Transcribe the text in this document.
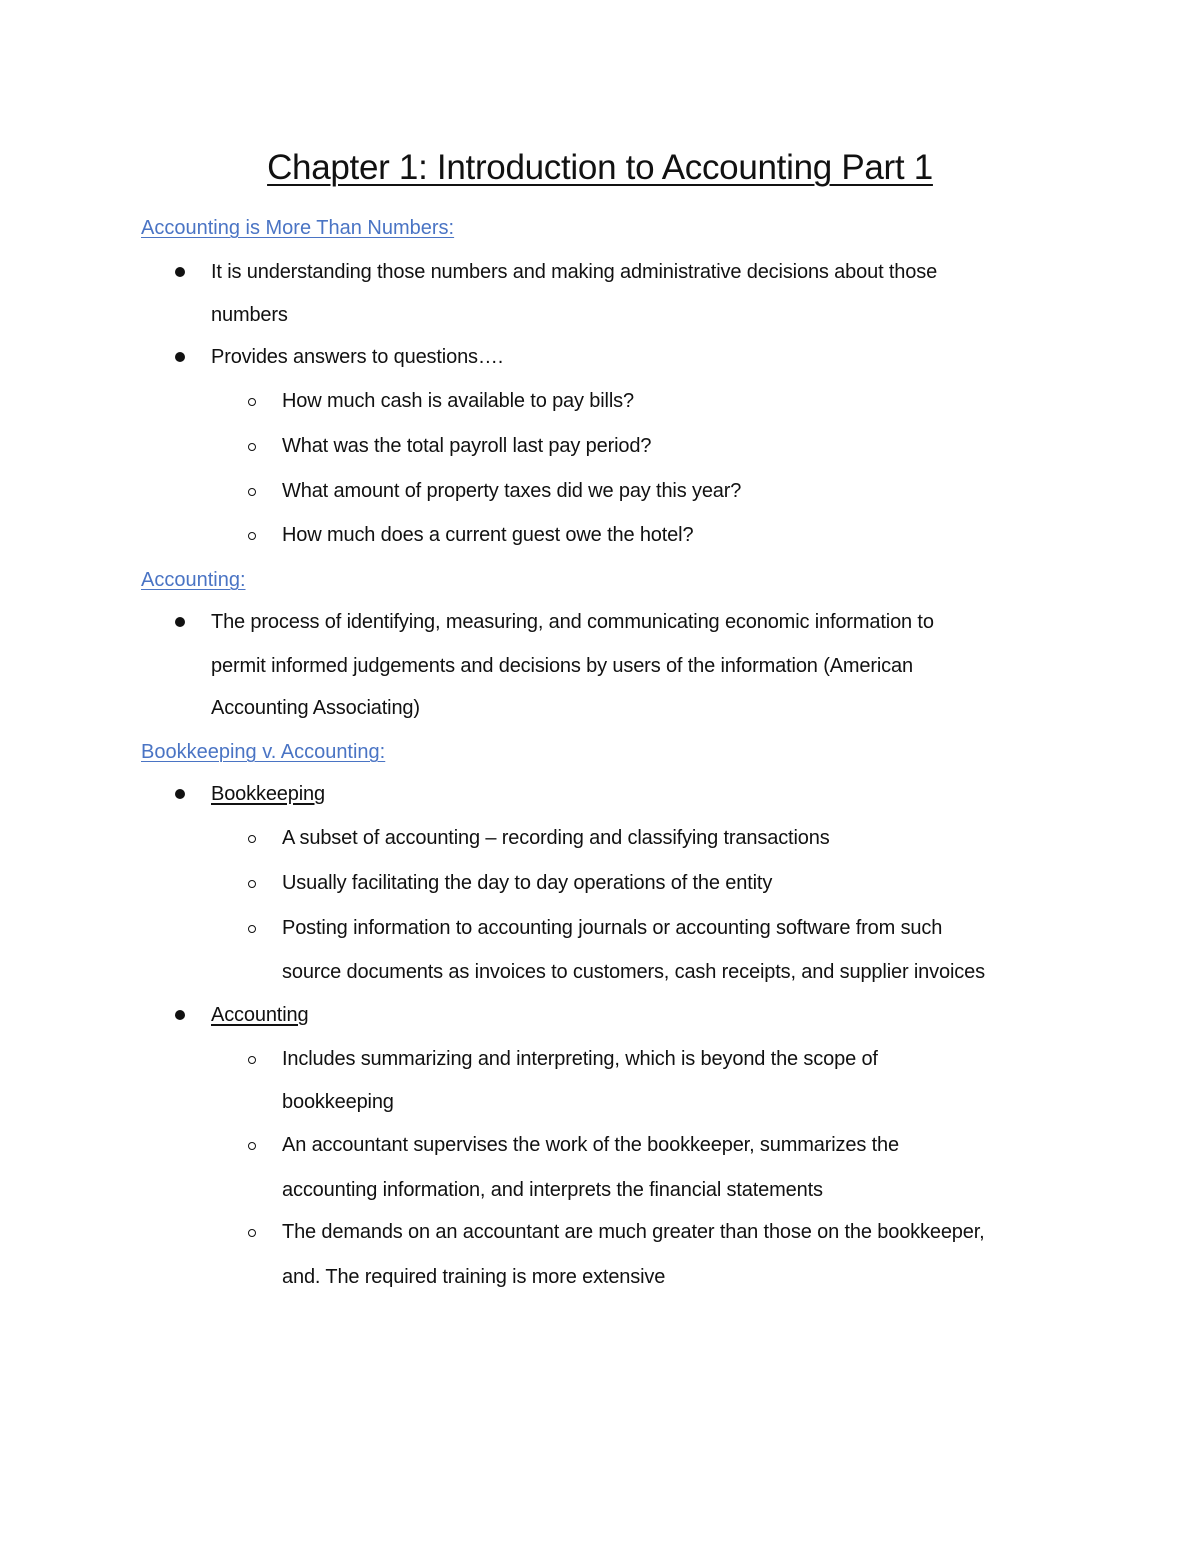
Chapter 1: Introduction to Accounting Part 1
Accounting is More Than Numbers:
It is understanding those numbers and making administrative decisions about those
numbers
Provides answers to questions….
How much cash is available to pay bills?
What was the total payroll last pay period?
What amount of property taxes did we pay this year?
How much does a current guest owe the hotel?
Accounting:
The process of identifying, measuring, and communicating economic information to
permit informed judgements and decisions by users of the information (American
Accounting Associating)
Bookkeeping v. Accounting:
Bookkeeping
A subset of accounting – recording and classifying transactions
Usually facilitating the day to day operations of the entity
Posting information to accounting journals or accounting software from such
source documents as invoices to customers, cash receipts, and supplier invoices
Accounting
Includes summarizing and interpreting, which is beyond the scope of
bookkeeping
An accountant supervises the work of the bookkeeper, summarizes the
accounting information, and interprets the financial statements
The demands on an accountant are much greater than those on the bookkeeper,
and. The required training is more extensive
